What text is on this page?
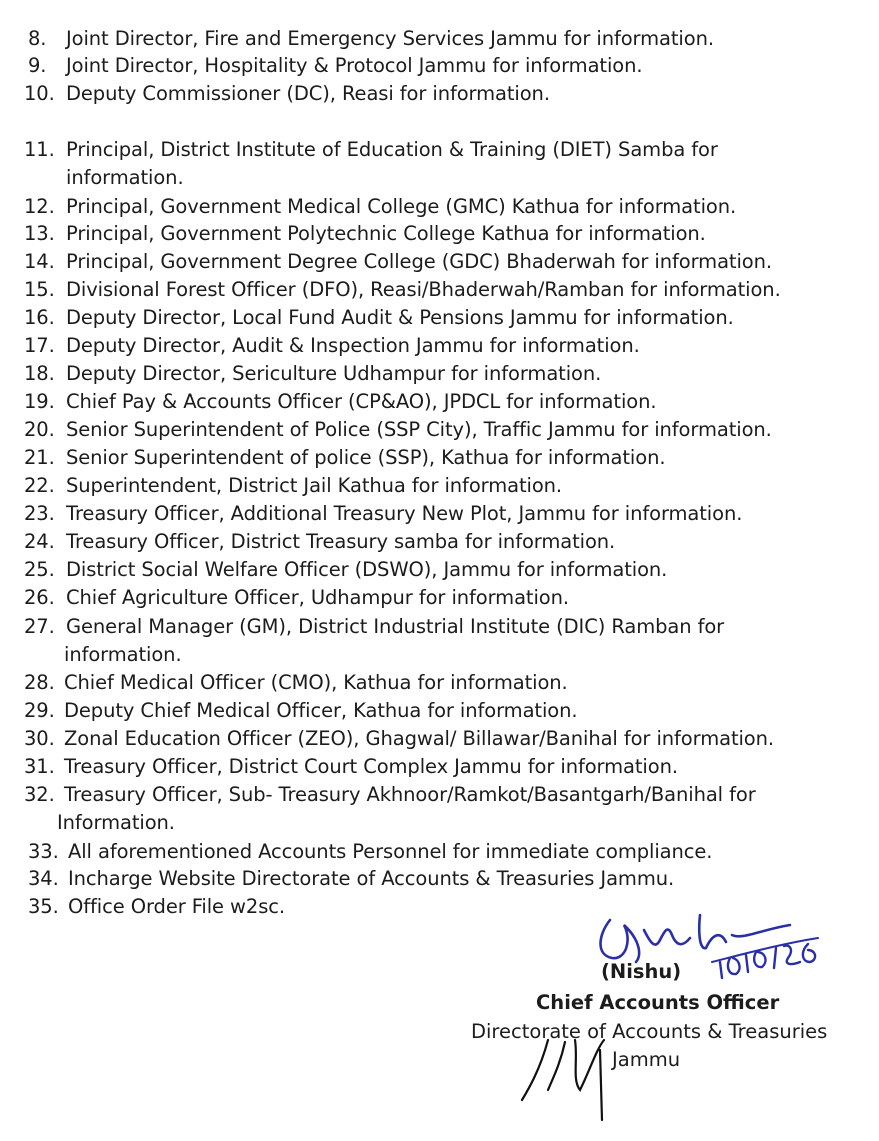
8. Joint Director, Fire and Emergency Services Jammu for information.
9. Joint Director, Hospitality & Protocol Jammu for information.
10. Deputy Commissioner (DC), Reasi for information.
11. Principal, District Institute of Education & Training (DIET) Samba for
information.
12. Principal, Government Medical College (GMC) Kathua for information.
13. Principal, Government Polytechnic College Kathua for information.
14. Principal, Government Degree College (GDC) Bhaderwah for information.
15. Divisional Forest Officer (DFO), Reasi/Bhaderwah/Ramban for information.
16. Deputy Director, Local Fund Audit & Pensions Jammu for information.
17. Deputy Director, Audit & Inspection Jammu for information.
18. Deputy Director, Sericulture Udhampur for information.
19. Chief Pay & Accounts Officer (CP&AO), JPDCL for information.
20. Senior Superintendent of Police (SSP City), Traffic Jammu for information.
21. Senior Superintendent of police (SSP), Kathua for information.
22. Superintendent, District Jail Kathua for information.
23. Treasury Officer, Additional Treasury New Plot, Jammu for information.
24. Treasury Officer, District Treasury samba for information.
25. District Social Welfare Officer (DSWO), Jammu for information.
26. Chief Agriculture Officer, Udhampur for information.
27. General Manager (GM), District Industrial Institute (DIC) Ramban for
information.
28. Chief Medical Officer (CMO), Kathua for information.
29. Deputy Chief Medical Officer, Kathua for information.
30. Zonal Education Officer (ZEO), Ghagwal/ Billawar/Banihal for information.
31. Treasury Officer, District Court Complex Jammu for information.
32. Treasury Officer, Sub- Treasury Akhnoor/Ramkot/Basantgarh/Banihal for
Information.
33. All aforementioned Accounts Personnel for immediate compliance.
34. Incharge Website Directorate of Accounts & Treasuries Jammu.
35. Office Order File w2sc.
(Nishu)
Chief Accounts Officer
Directorate of Accounts & Treasuries
Jammu
